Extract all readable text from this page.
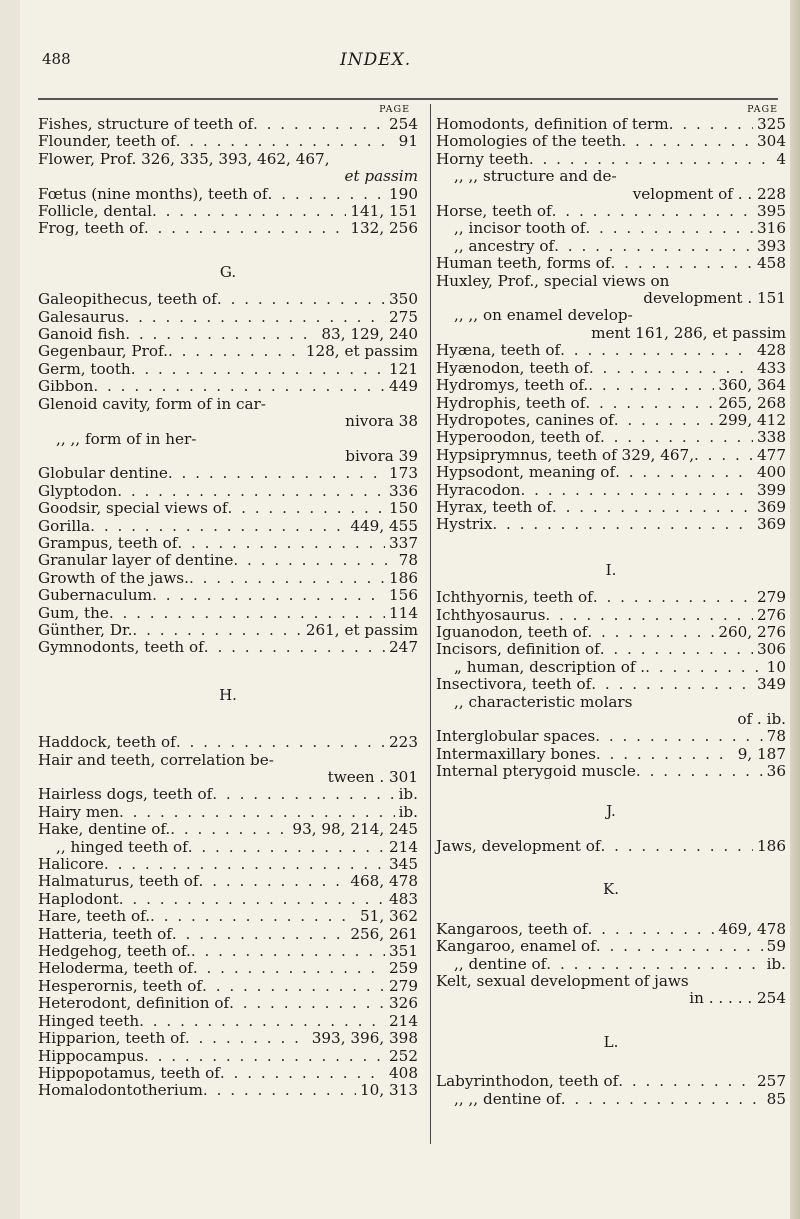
488	INDEX.
PAGE
Fishes, structure of teeth of . . .	254
Flounder, teeth of . . .	91
Flower, Prof. 326, 335, 393, 462, 467,
et passim
Fœtus (nine months), teeth of . . .	190
Follicle, dental . . .	141, 151
Frog, teeth of . . .	132, 256
G.
Galeopithecus, teeth of . . .	350
Galesaurus . . .	275
Ganoid fish . . .	83, 129, 240
Gegenbaur, Prof. . . .	128, et passim
Germ, tooth . . .	121
Gibbon . . .	449
Glenoid cavity, form of in car-
nivora 38
,, ,, form of in her-
bivora 39
Globular dentine . . .	173
Glyptodon . . .	336
Goodsir, special views of . . .	150
Gorilla . . .	449, 455
Grampus, teeth of . . .	337
Granular layer of dentine . . .	78
Growth of the jaws. . . .	186
Gubernaculum . . .	156
Gum, the . . .	114
Günther, Dr. . . .	261, et passim
Gymnodonts, teeth of . . .	247
H.
Haddock, teeth of . . .	223
Hair and teeth, correlation be-
tween . 301
Hairless dogs, teeth of . . .	ib.
Hairy men . . .	ib.
Hake, dentine of. . . .	93, 98, 214, 245
,, hinged teeth of . . .	214
Halicore . . .	345
Halmaturus, teeth of . . .	468, 478
Haplodont . . .	483
Hare, teeth of. . . .	51, 362
Hatteria, teeth of . . .	256, 261
Hedgehog, teeth of. . . .	351
Heloderma, teeth of . . .	259
Hesperornis, teeth of . . .	279
Heterodont, definition of . . .	326
Hinged teeth . . .	214
Hipparion, teeth of . . .	393, 396, 398
Hippocampus . . .	252
Hippopotamus, teeth of . . .	408
Homalodontotherium . . .	10, 313
PAGE
Homodonts, definition of term . . .	325
Homologies of the teeth . . .	304
Horny teeth . . .	4
,, ,, structure and de-
velopment of . . 228
Horse, teeth of . . .	395
,, incisor tooth of . . .	316
,, ancestry of . . .	393
Human teeth, forms of . . .	458
Huxley, Prof., special views on
development . 151
,, ,, on enamel develop-
ment 161, 286, et passim
Hyæna, teeth of . . .	428
Hyænodon, teeth of . . .	433
Hydromys, teeth of. . . .	360, 364
Hydrophis, teeth of . . .	265, 268
Hydropotes, canines of . . .	299, 412
Hyperoodon, teeth of . . .	338
Hypsiprymnus, teeth of 329, 467, . . .	477
Hypsodont, meaning of . . .	400
Hyracodon . . .	399
Hyrax, teeth of . . .	369
Hystrix . . .	369
I.
Ichthyornis, teeth of . . .	279
Ichthyosaurus . . .	276
Iguanodon, teeth of . . .	260, 276
Incisors, definition of . . .	306
„ human, description of . . . .	10
Insectivora, teeth of . . .	349
,, characteristic molars
of . ib.
Interglobular spaces . . .	78
Intermaxillary bones . . .	9, 187
Internal pterygoid muscle . . .	36
J.
Jaws, development of . . .	186
K.
Kangaroos, teeth of . . .	469, 478
Kangaroo, enamel of . . .	59
,, dentine of . . .	ib.
Kelt, sexual development of jaws
in . . . . . 254
L.
Labyrinthodon, teeth of . . .	257
,, ,, dentine of . . .	85
